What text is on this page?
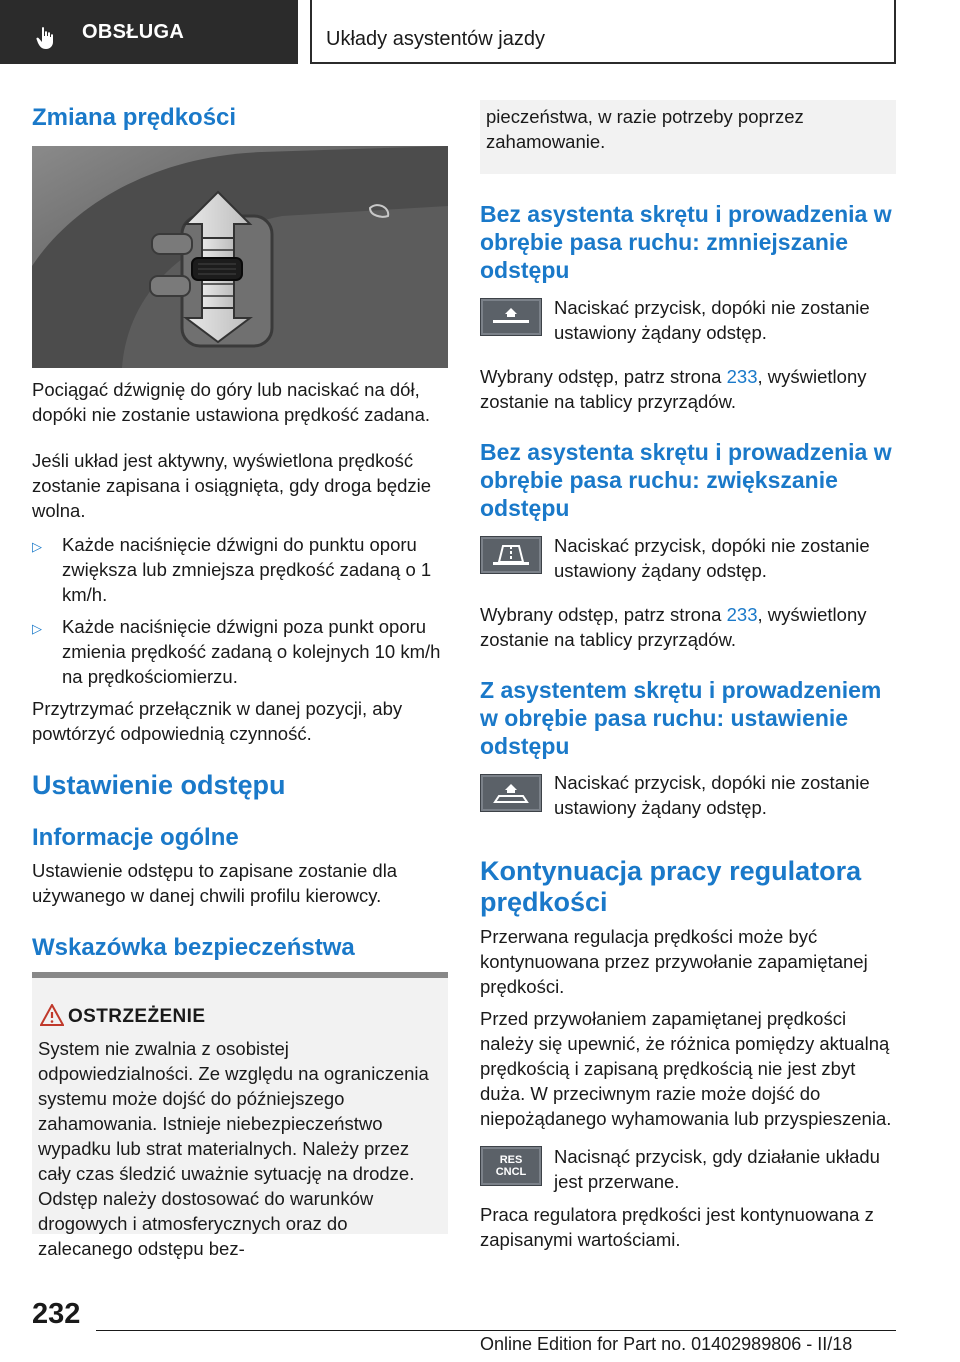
OBSŁUGA	Układy asystentów jazdy
Zmiana prędkości

Pociągać dźwignię do góry lub naciskać na dół, dopóki nie zostanie ustawiona prędkość zadana.

Jeśli układ jest aktywny, wyświetlona prędkość zostanie zapisana i osiągnięta, gdy droga będzie wolna.

▷ Każde naciśnięcie dźwigni do punktu oporu zwiększa lub zmniejsza prędkość zadaną o 1 km/h.
▷ Każde naciśnięcie dźwigni poza punkt oporu zmienia prędkość zadaną o kolejnych 10 km/h na prędkościomierzu.

Przytrzymać przełącznik w danej pozycji, aby powtórzyć odpowiednią czynność.

Ustawienie odstępu
Informacje ogólne

Ustawienie odstępu to zapisane zostanie dla używanego w danej chwili profilu kierowcy.

Wskazówka bezpieczeństwa
OSTRZEŻENIE

System nie zwalnia z osobistej odpowiedzialności. Ze względu na ograniczenia systemu może dojść do późniejszego zahamowania. Istnieje niebezpieczeństwo wypadku lub strat materialnych. Należy przez cały czas śledzić uważnie sytuację na drodze. Odstęp należy dostosować do warunków drogowych i atmosferycznych oraz do zalecanego odstępu bez-

pieczeństwa, w razie potrzeby poprzez zahamowanie.

Bez asystenta skrętu i prowadzenia w obrębie pasa ruchu: zmniejszanie odstępu

Naciskać przycisk, dopóki nie zostanie ustawiony żądany odstęp.

Wybrany odstęp, patrz strona 233, wyświetlony zostanie na tablicy przyrządów.

Bez asystenta skrętu i prowadzenia w obrębie pasa ruchu: zwiększanie odstępu

Naciskać przycisk, dopóki nie zostanie ustawiony żądany odstęp.

Wybrany odstęp, patrz strona 233, wyświetlony zostanie na tablicy przyrządów.

Z asystentem skrętu i prowadzeniem w obrębie pasa ruchu: ustawienie odstępu

Naciskać przycisk, dopóki nie zostanie ustawiony żądany odstęp.

Kontynuacja pracy regulatora prędkości

Przerwana regulacja prędkości może być kontynuowana przez przywołanie zapamiętanej prędkości.

Przed przywołaniem zapamiętanej prędkości należy się upewnić, że różnica pomiędzy aktualną prędkością i zapisaną prędkością nie jest zbyt duża. W przeciwnym razie może dojść do niepożądanego wyhamowania lub przyspieszenia.

RES
CNCL

Nacisnąć przycisk, gdy działanie układu jest przerwane.

Praca regulatora prędkości jest kontynuowana z zapisanymi wartościami.

232
Online Edition for Part no. 01402989806 - II/18
